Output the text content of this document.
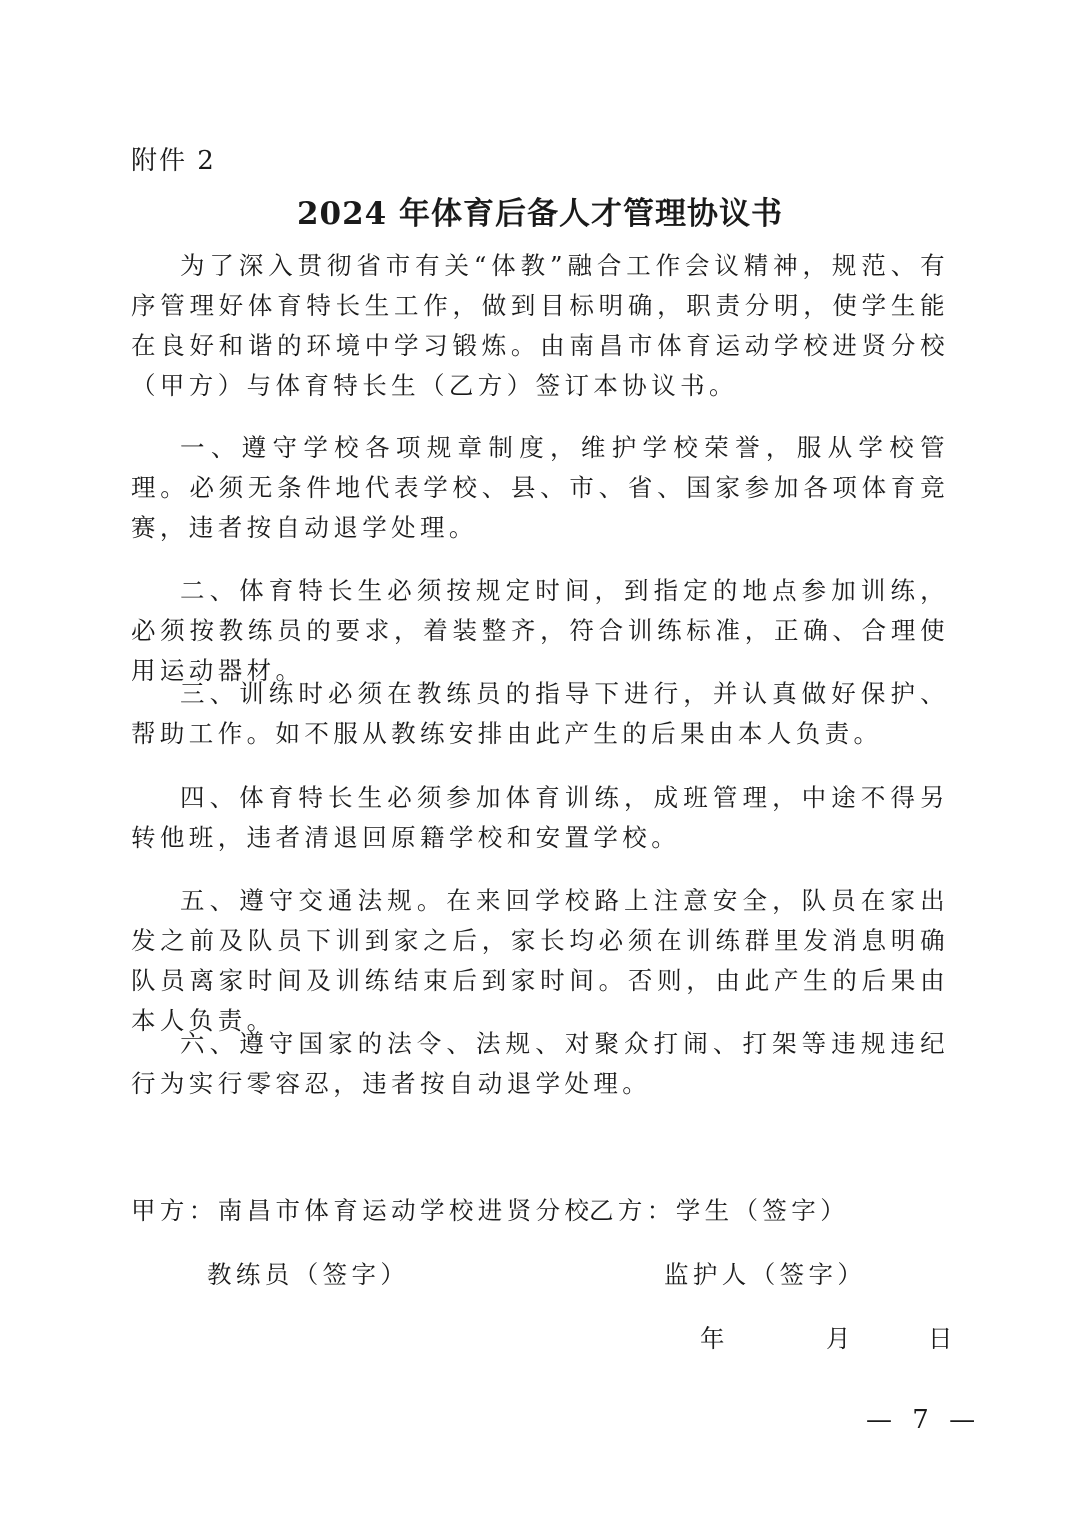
附件 2
2024 年体育后备人才管理协议书

为了深入贯彻省市有关“体教”融合工作会议精神，规范、有序管理好体育特长生工作，做到目标明确，职责分明，使学生能在良好和谐的环境中学习锻炼。由南昌市体育运动学校进贤分校（甲方）与体育特长生（乙方）签订本协议书。

一、遵守学校各项规章制度，维护学校荣誉，服从学校管理。必须无条件地代表学校、县、市、省、国家参加各项体育竞赛，违者按自动退学处理。

二、体育特长生必须按规定时间，到指定的地点参加训练，必须按教练员的要求，着装整齐，符合训练标准，正确、合理使用运动器材。

三、训练时必须在教练员的指导下进行，并认真做好保护、帮助工作。如不服从教练安排由此产生的后果由本人负责。

四、体育特长生必须参加体育训练，成班管理，中途不得另转他班，违者清退回原籍学校和安置学校。

五、遵守交通法规。在来回学校路上注意安全，队员在家出发之前及队员下训到家之后，家长均必须在训练群里发消息明确队员离家时间及训练结束后到家时间。否则，由此产生的后果由本人负责。

六、遵守国家的法令、法规、对聚众打闹、打架等违规违纪行为实行零容忍，违者按自动退学处理。

甲方：南昌市体育运动学校进贤分校
乙方：学生（签字）
教练员（签字）	监护人（签字）
年	月	日
— 7 —
